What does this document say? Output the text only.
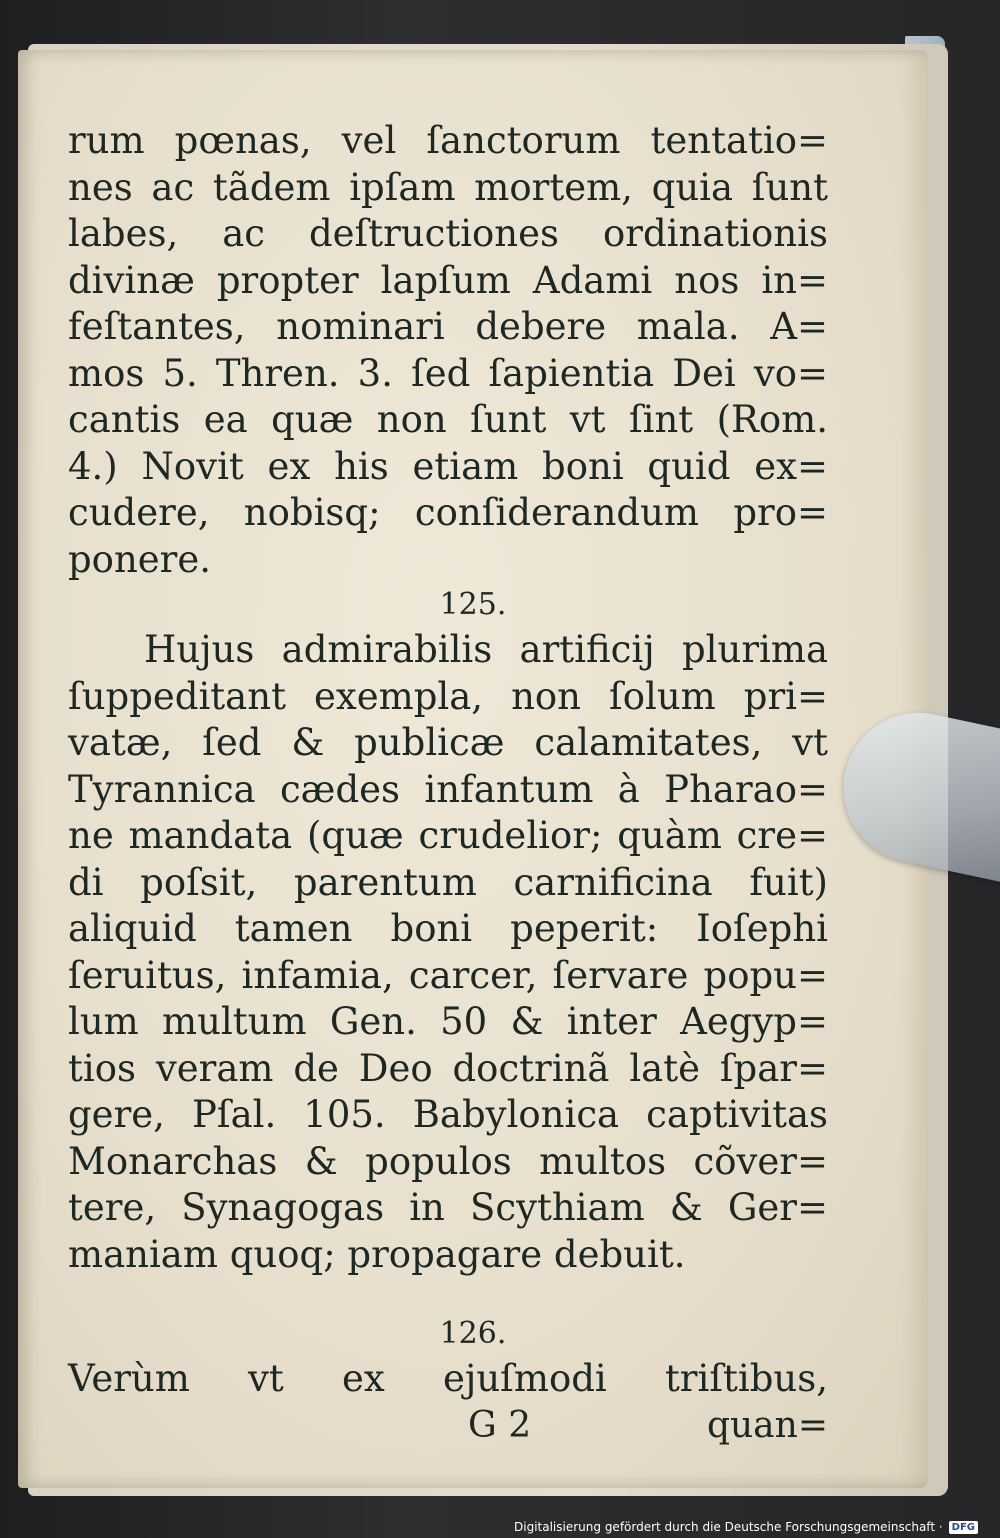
rum pœnas, vel ſanctorum tentatio=
nes ac tãdem ipſam mortem, quia ſunt
labes, ac deſtructiones ordinationis
divinæ propter lapſum Adami nos in=
feſtantes, nominari debere mala. A=
mos 5. Thren. 3. ſed ſapientia Dei vo=
cantis ea quæ non ſunt vt ſint (Rom.
4.) Novit ex his etiam boni quid ex=
cudere, nobisq; conſiderandum pro=
ponere.
125.
Hujus admirabilis artificij plurima
ſuppeditant exempla, non ſolum pri=
vatæ, ſed & publicæ calamitates, vt
Tyrannica cædes infantum à Pharao=
ne mandata (quæ crudelior; quàm cre=
di poſsit, parentum carnificina fuit)
aliquid tamen boni peperit: Ioſephi
ſeruitus, infamia, carcer, ſervare popu=
lum multum Gen. 50 & inter Aegyp=
tios veram de Deo doctrinã latè ſpar=
gere, Pſal. 105. Babylonica captivitas
Monarchas & populos multos cõver=
tere, Synagogas in Scythiam & Ger=
maniam quoq; propagare debuit.
126.
Verùm vt ex ejuſmodi triſtibus,
G 2	quan=
Digitalisierung gefördert durch die Deutsche Forschungsgemeinschaft · DFG
